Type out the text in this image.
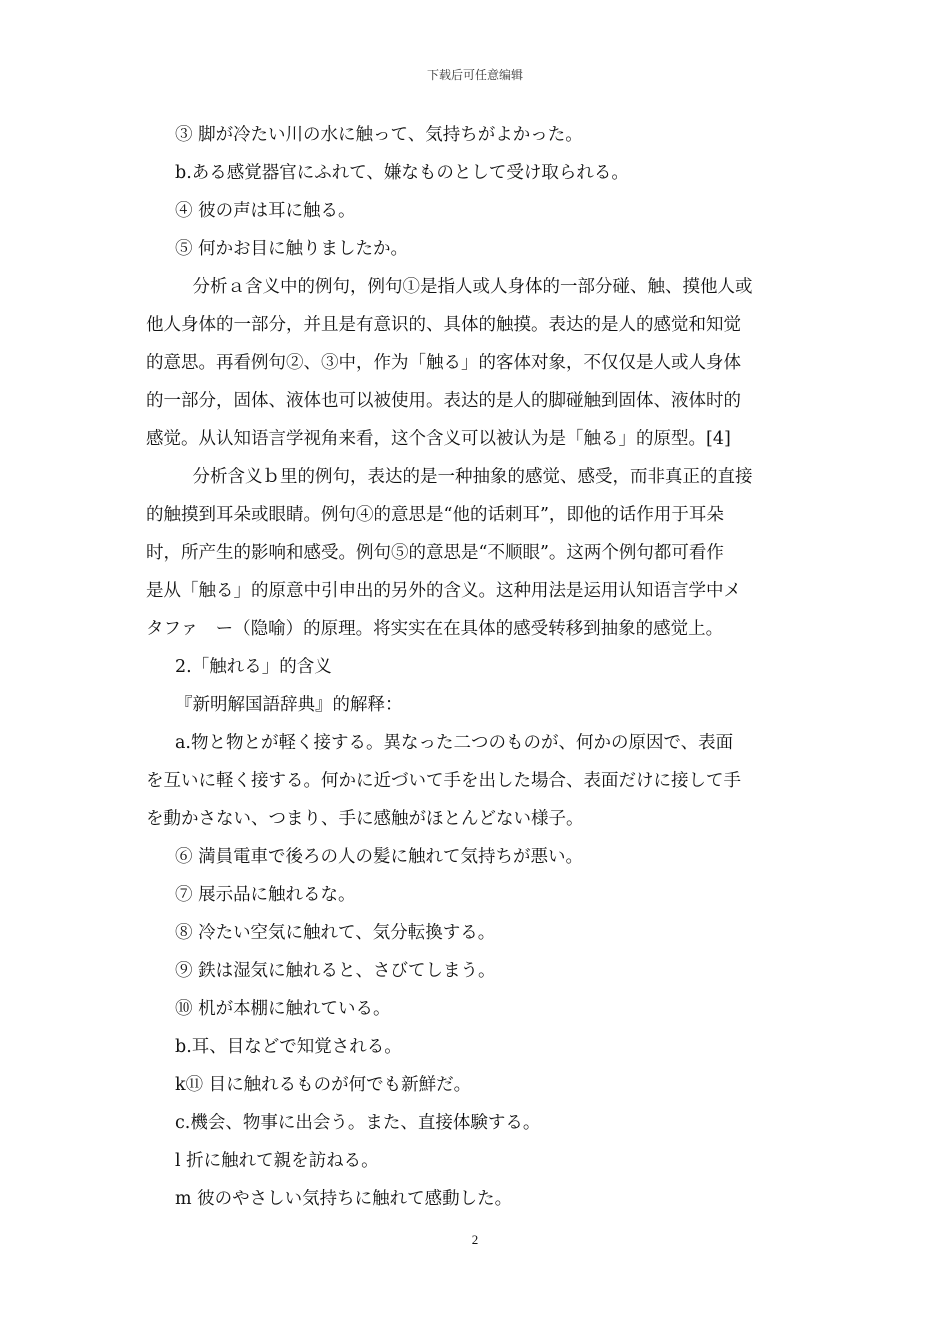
下载后可任意编辑
③ 脚が冷たい川の水に触って、気持ちがよかった。
b.ある感覚器官にふれて、嫌なものとして受け取られる。
④ 彼の声は耳に触る。
⑤ 何かお目に触りましたか。
　分析ａ含义中的例句，例句①是指人或人身体的一部分碰、触、摸他人或
他人身体的一部分，并且是有意识的、具体的触摸。表达的是人的感觉和知觉
的意思。再看例句②、③中，作为「触る」的客体对象，不仅仅是人或人身体
的一部分，固体、液体也可以被使用。表达的是人的脚碰触到固体、液体时的
感觉。从认知语言学视角来看，这个含义可以被认为是「触る」的原型。[4]
　分析含义ｂ里的例句，表达的是一种抽象的感觉、感受，而非真正的直接
的触摸到耳朵或眼睛。例句④的意思是“他的话刺耳”，即他的话作用于耳朵
时，所产生的影响和感受。例句⑤的意思是“不顺眼”。这两个例句都可看作
是从「触る」的原意中引申出的另外的含义。这种用法是运用认知语言学中メ
タファ　ー（隐喻）的原理。将实实在在具体的感受转移到抽象的感觉上。
2.「触れる」的含义
『新明解国語辞典』的解释：
a.物と物とが軽く接する。異なった二つのものが、何かの原因で、表面
を互いに軽く接する。何かに近づいて手を出した場合、表面だけに接して手
を動かさない、つまり、手に感触がほとんどない様子。
⑥ 満員電車で後ろの人の髪に触れて気持ちが悪い。
⑦ 展示品に触れるな。
⑧ 冷たい空気に触れて、気分転換する。
⑨ 鉄は湿気に触れると、さびてしまう。
⑩ 机が本棚に触れている。
b.耳、目などで知覚される。
k⑪ 目に触れるものが何でも新鮮だ。
c.機会、物事に出会う。また、直接体験する。
l 折に触れて親を訪ねる。
m 彼のやさしい気持ちに触れて感動した。
2
